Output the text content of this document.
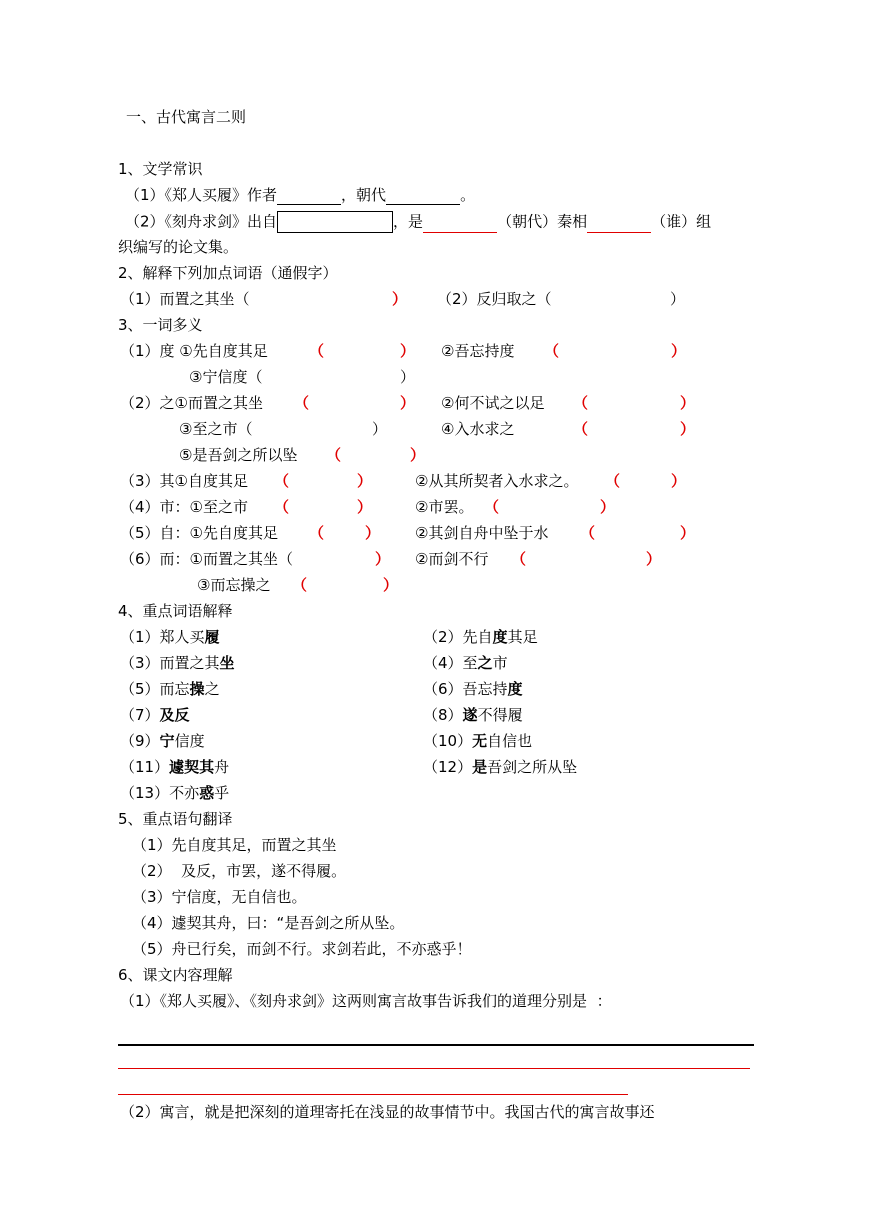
一、古代寓言二则
1、文学常识
（1）《郑人买履》作者	，朝代	。
（2）《刻舟求剑》出自	，是	（朝代）秦相	（谁）组
织编写的论文集。
2、解释下列加点词语（通假字）
（1）而置之其坐（	） （2）反归取之（	）
3、一词多义
（1）度 ①先自度其足	（	） ②吾忘持度 （	）
③宁信度（	）
（2）之①而置之其坐 （	） ②何不试之以足 （	）
③至之市（	）	④入水求之	（	）
⑤是吾剑之所以坠 （	）
（3）其①自度其足 （	）	②从其所契者入水求之。 （	）
（4）市：①至之市 （	）	②市罢。 （	）
（5）自：①先自度其足 （	） ②其剑自舟中坠于水 （	）
（6）而：①而置之其坐（	） ②而剑不行 （	）
③而忘操之 （	）
4、重点词语解释
（1）郑人买履	（2）先自度其足
（3）而置之其坐	（4）至之市
（5）而忘操之	（6）吾忘持度
（7）及反	（8）遂不得履
（9）宁信度	（10）无自信也
（11）遽契其舟	（12）是吾剑之所从坠
（13）不亦惑乎
5、重点语句翻译
（1）先自度其足，而置之其坐
（2）  及反，市罢，遂不得履。
（3）宁信度，无自信也。
（4）遽契其舟，曰：“是吾剑之所从坠。
（5）舟已行矣，而剑不行。求剑若此，不亦惑乎！
6、课文内容理解
（1）《郑人买履》、《刻舟求剑》这两则寓言故事告诉我们的道理分别是  ：
（2）寓言，就是把深刻的道理寄托在浅显的故事情节中。我国古代的寓言故事还
